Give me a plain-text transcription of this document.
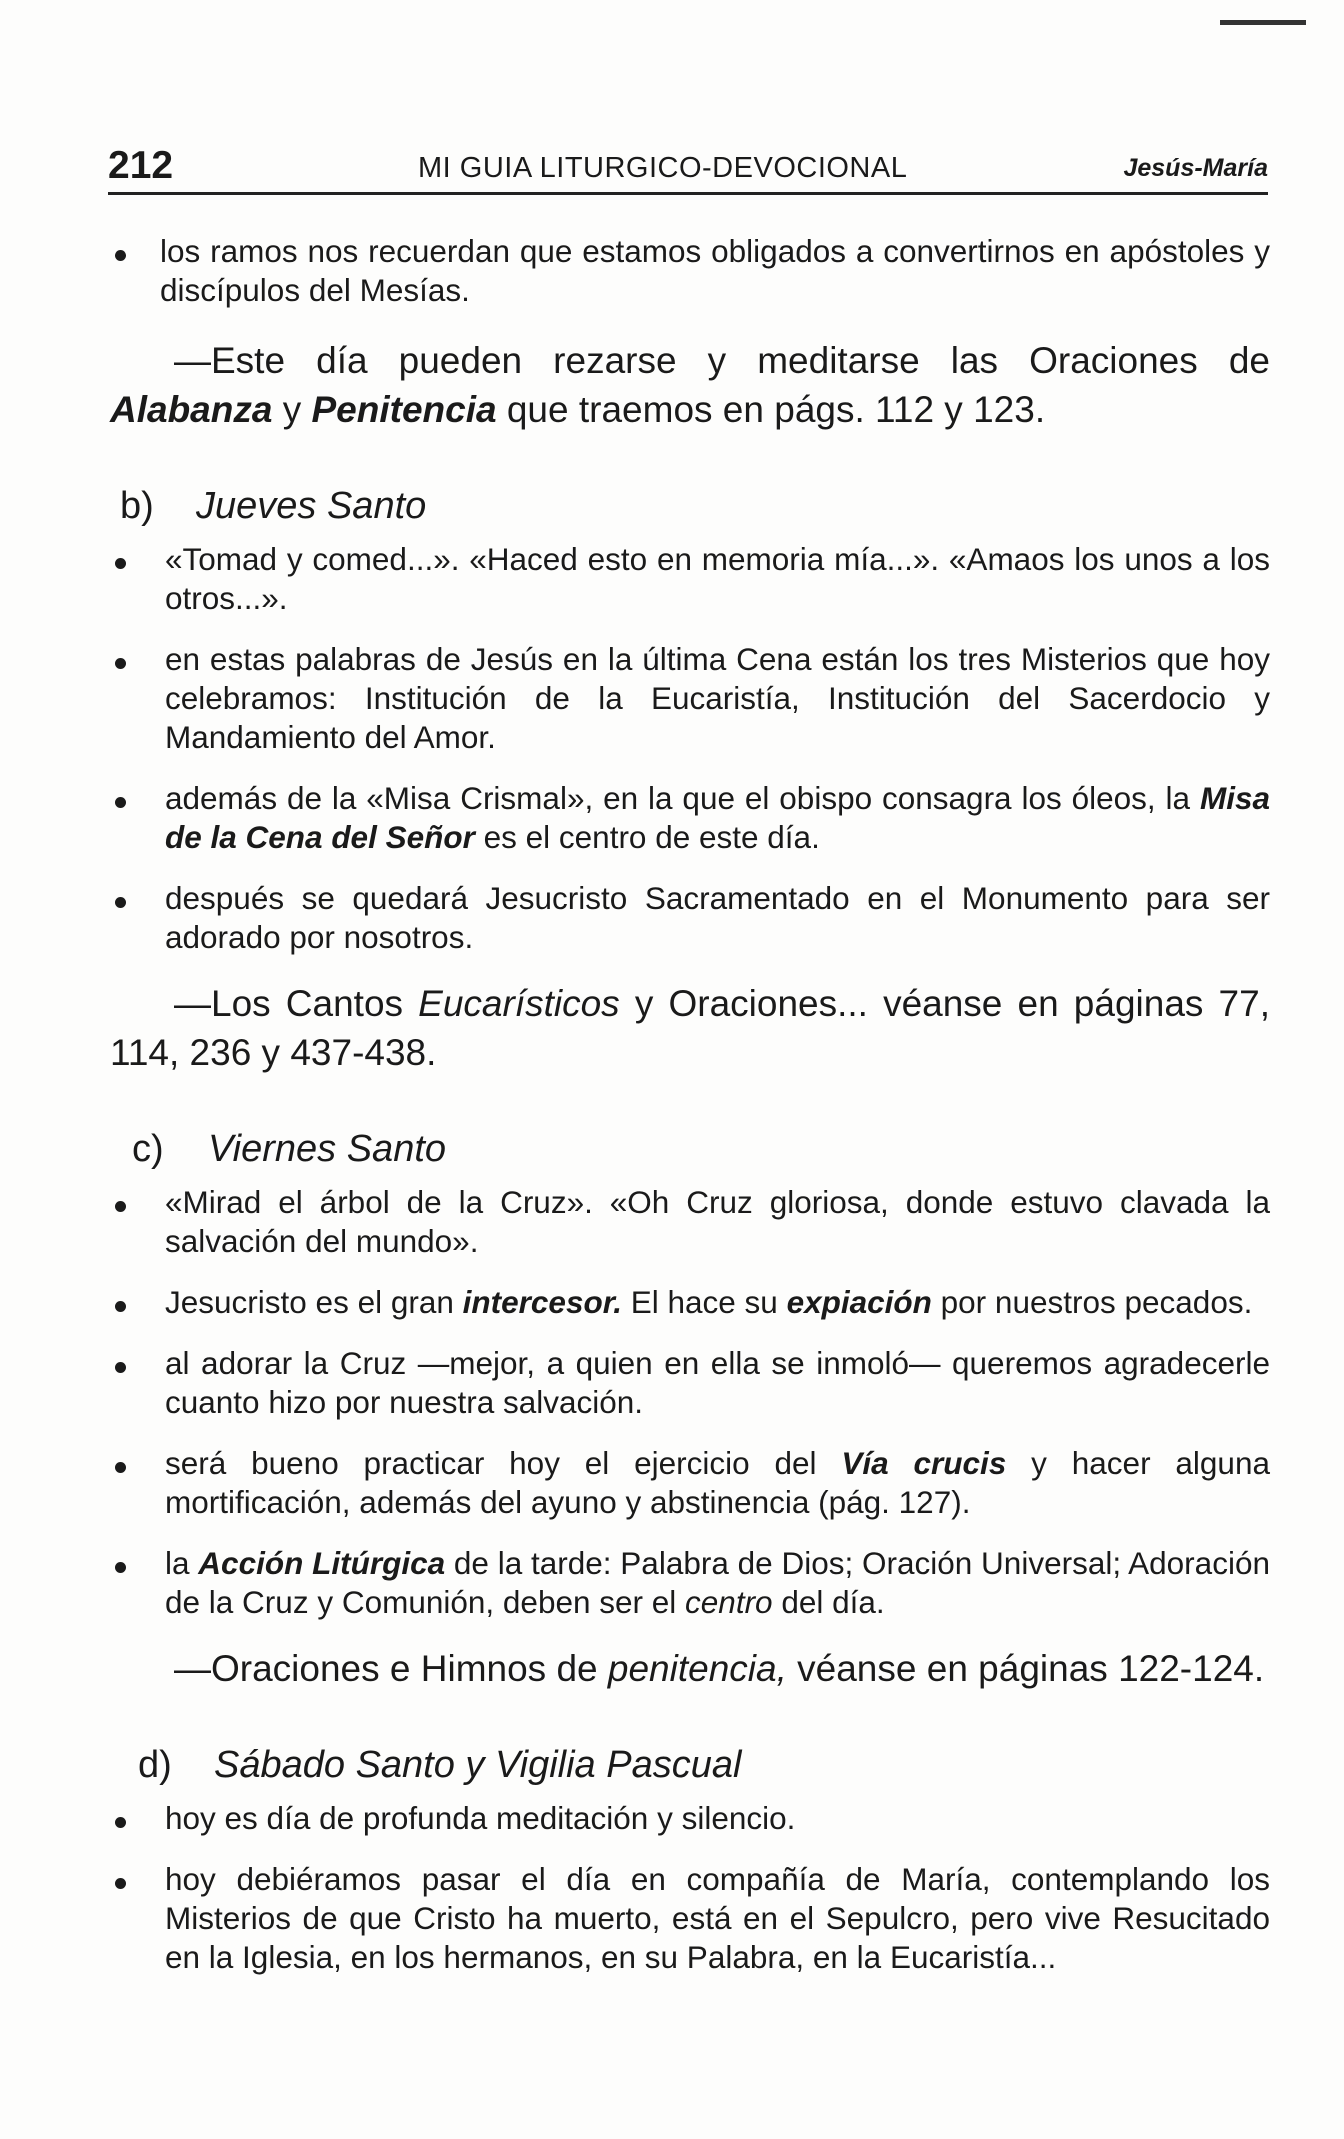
212	MI GUIA LITURGICO-DEVOCIONAL	Jesús-María

los ramos nos recuerdan que estamos obligados a convertirnos en apóstoles y discípulos del Mesías.

—Este día pueden rezarse y meditarse las Oraciones de Alabanza y Penitencia que traemos en págs. 112 y 123.

b) Jueves Santo

«Tomad y comed...». «Haced esto en memoria mía...». «Amaos los unos a los otros...».

en estas palabras de Jesús en la última Cena están los tres Misterios que hoy celebramos: Institución de la Eucaristía, Institución del Sacerdocio y Mandamiento del Amor.

además de la «Misa Crismal», en la que el obispo consagra los óleos, la Misa de la Cena del Señor es el centro de este día.

después se quedará Jesucristo Sacramentado en el Monumento para ser adorado por nosotros.

—Los Cantos Eucarísticos y Oraciones... véanse en páginas 77, 114, 236 y 437-438.

c) Viernes Santo

«Mirad el árbol de la Cruz». «Oh Cruz gloriosa, donde estuvo clavada la salvación del mundo».

Jesucristo es el gran intercesor. El hace su expiación por nuestros pecados.

al adorar la Cruz —mejor, a quien en ella se inmoló— queremos agradecerle cuanto hizo por nuestra salvación.

será bueno practicar hoy el ejercicio del Vía crucis y hacer alguna mortificación, además del ayuno y abstinencia (pág. 127).

la Acción Litúrgica de la tarde: Palabra de Dios; Oración Universal; Adoración de la Cruz y Comunión, deben ser el centro del día.

—Oraciones e Himnos de penitencia, véanse en páginas 122-124.

d) Sábado Santo y Vigilia Pascual

hoy es día de profunda meditación y silencio.

hoy debiéramos pasar el día en compañía de María, contemplando los Misterios de que Cristo ha muerto, está en el Sepulcro, pero vive Resucitado en la Iglesia, en los hermanos, en su Palabra, en la Eucaristía...
